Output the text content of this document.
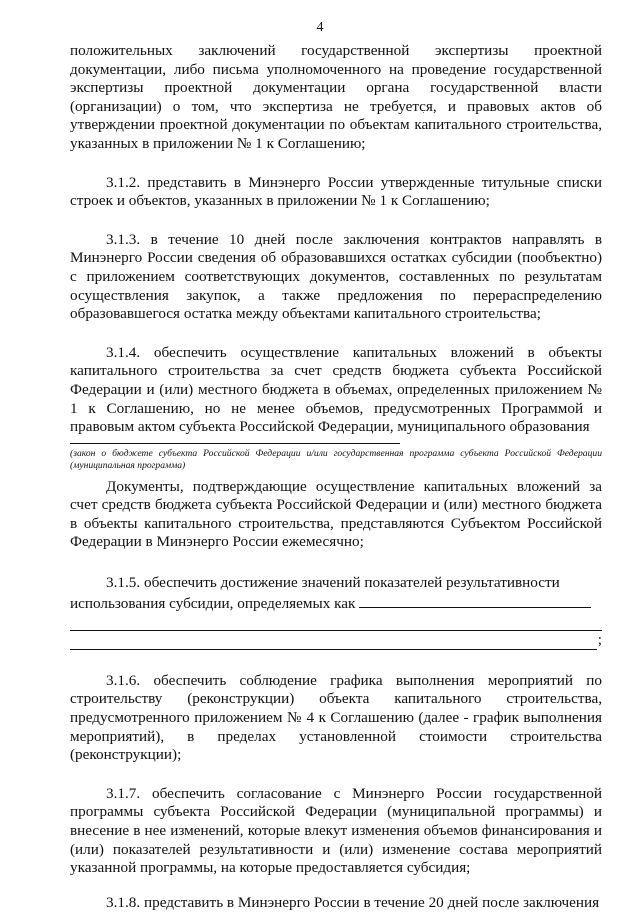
4

положительных заключений государственной экспертизы проектной документации, либо письма уполномоченного на проведение государственной экспертизы проектной документации органа государственной власти (организации) о том, что экспертиза не требуется, и правовых актов об утверждении проектной документации по объектам капитального строительства, указанных в приложении № 1 к Соглашению;

3.1.2. представить в Минэнерго России утвержденные титульные списки строек и объектов, указанных в приложении № 1 к Соглашению;

3.1.3. в течение 10 дней после заключения контрактов направлять в Минэнерго России сведения об образовавшихся остатках субсидии (пообъектно) с приложением соответствующих документов, составленных по результатам осуществления закупок, а также предложения по перераспределению образовавшегося остатка между объектами капитального строительства;

3.1.4. обеспечить осуществление капитальных вложений в объекты капитального строительства за счет средств бюджета субъекта Российской Федерации и (или) местного бюджета в объемах, определенных приложением № 1 к Соглашению, но не менее объемов, предусмотренных Программой и правовым актом субъекта Российской Федерации, муниципального образования

(закон о бюджете субъекта Российской Федерации и/или государственная программа субъекта Российской Федерации (муниципальная программа)

Документы, подтверждающие осуществление капитальных вложений за счет средств бюджета субъекта Российской Федерации и (или) местного бюджета в объекты капитального строительства, представляются Субъектом Российской Федерации в Минэнерго России ежемесячно;

3.1.5. обеспечить достижение значений показателей результативности использования субсидии, определяемых как

;

3.1.6. обеспечить соблюдение графика выполнения мероприятий по строительству (реконструкции) объекта капитального строительства, предусмотренного приложением № 4 к Соглашению (далее - график выполнения мероприятий), в пределах установленной стоимости строительства (реконструкции);

3.1.7. обеспечить согласование с Минэнерго России государственной программы субъекта Российской Федерации (муниципальной программы) и внесение в нее изменений, которые влекут изменения объемов финансирования и (или) показателей результативности и (или) изменение состава мероприятий указанной программы, на которые предоставляется субсидия;

3.1.8. представить в Минэнерго России в течение 20 дней после заключения
